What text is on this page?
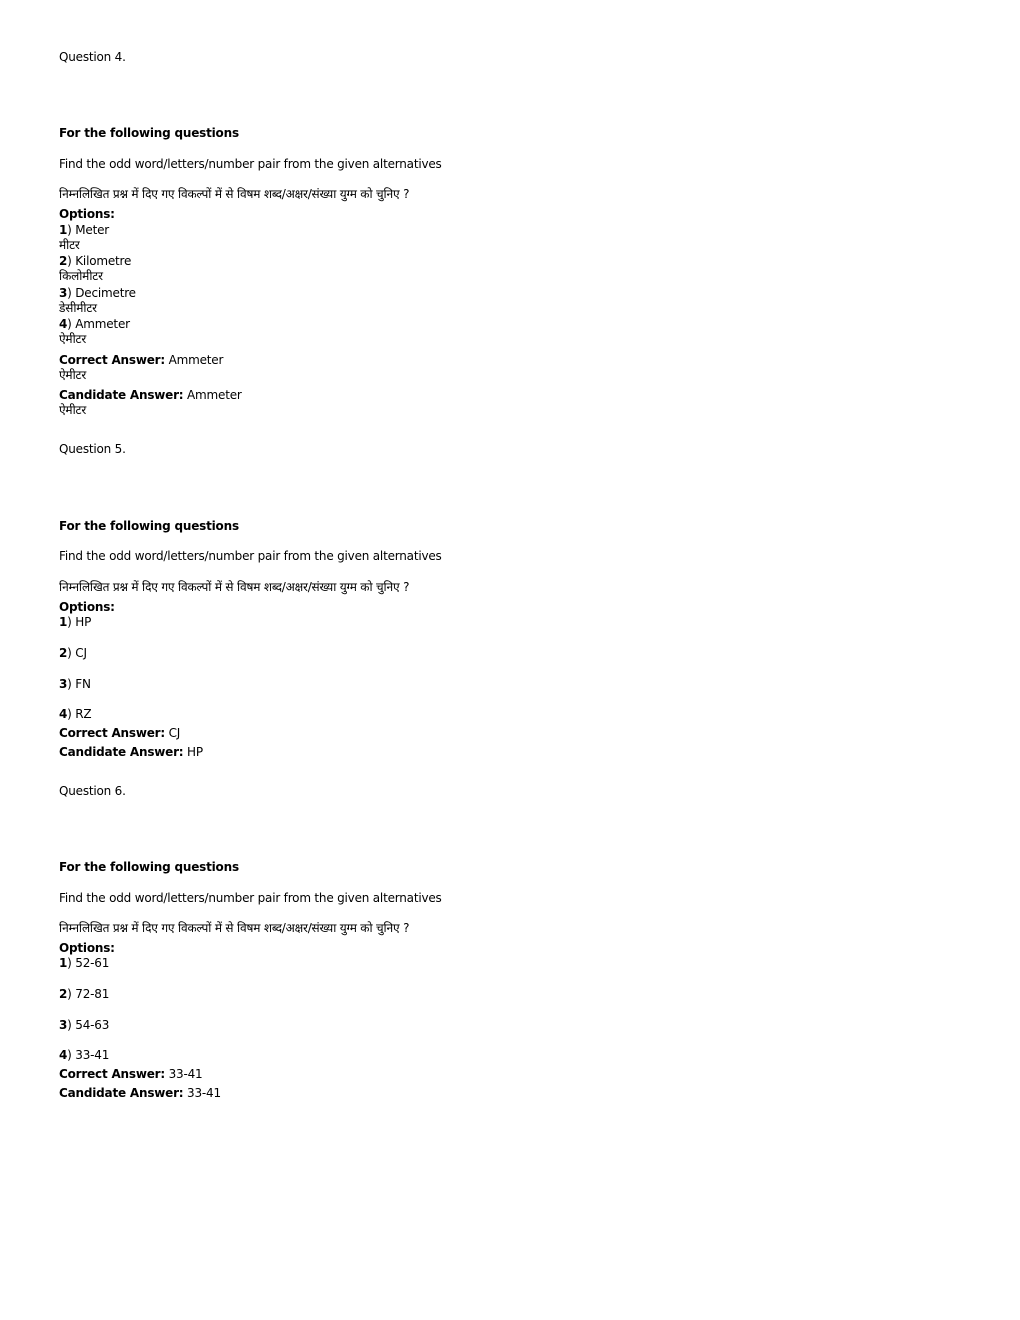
Question 4.
For the following questions
Find the odd word/letters/number pair from the given alternatives
निम्नलिखित प्रश्न में दिए गए विकल्पों में से विषम शब्द/अक्षर/संख्या युग्म को चुनिए ?
Options:
1) Meter
मीटर
2) Kilometre
किलोमीटर
3) Decimetre
डेसीमीटर
4) Ammeter
ऐमीटर
Correct Answer: Ammeter
ऐमीटर
Candidate Answer: Ammeter
ऐमीटर
Question 5.
For the following questions
Find the odd word/letters/number pair from the given alternatives
निम्नलिखित प्रश्न में दिए गए विकल्पों में से विषम शब्द/अक्षर/संख्या युग्म को चुनिए ?
Options:
1) HP
2) CJ
3) FN
4) RZ
Correct Answer: CJ
Candidate Answer: HP
Question 6.
For the following questions
Find the odd word/letters/number pair from the given alternatives
निम्नलिखित प्रश्न में दिए गए विकल्पों में से विषम शब्द/अक्षर/संख्या युग्म को चुनिए ?
Options:
1) 52-61
2) 72-81
3) 54-63
4) 33-41
Correct Answer: 33-41
Candidate Answer: 33-41
